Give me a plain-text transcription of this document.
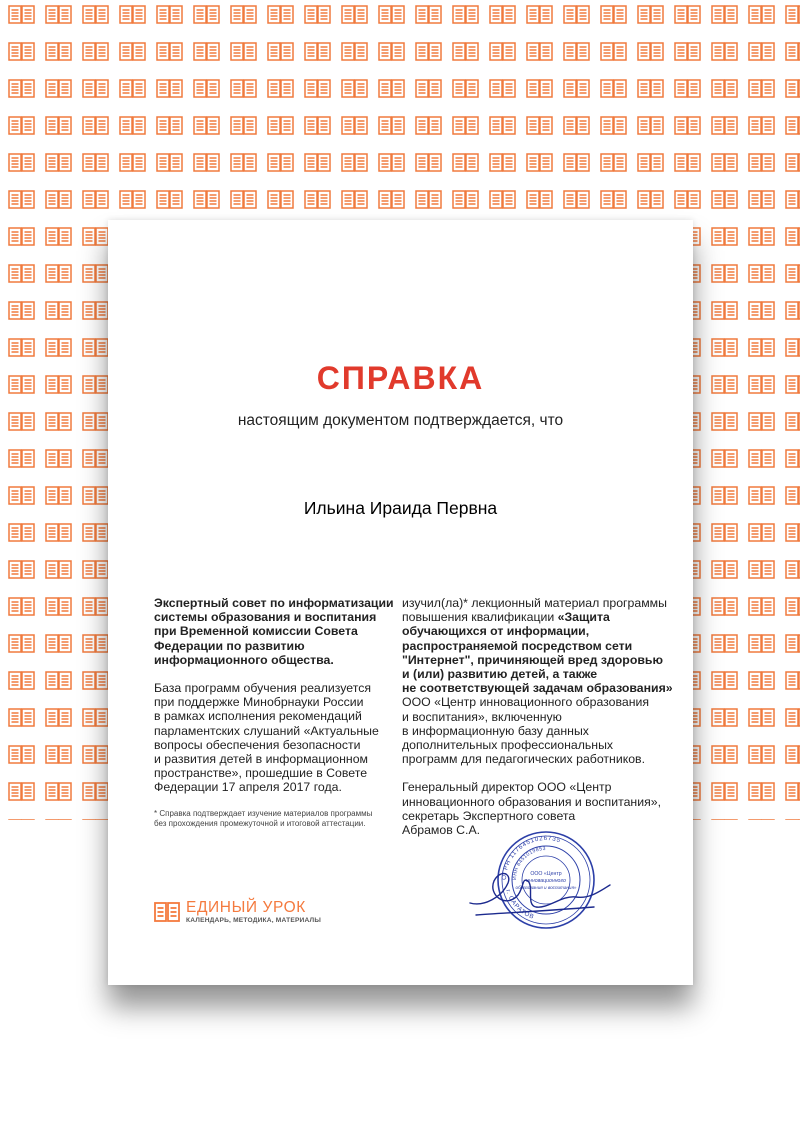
СПРАВКА
настоящим документом подтверждается, что
Ильина Ираида Первна

Экспертный совет по информатизации

системы образования и воспитания

при Временной комиссии Совета

Федерации по развитию

информационного общества.

База программ обучения реализуется

при поддержке Минобрнауки России

в рамках исполнения рекомендаций

парламентских слушаний «Актуальные

вопросы обеспечения безопасности

и развития детей в информационном

пространстве», прошедшие в Совете

Федерации 17 апреля 2017 года.

* Справка подтверждает изучение материалов программы

без прохождения промежуточной и итоговой аттестации.

изучил(ла)* лекционный материал программы

повышения квалификации «Защита

обучающихся от информации,

распространяемой посредством сети

"Интернет", причиняющей вред здоровью

и (или) развитию детей, а также

не соответствующей задачам образования»

ООО «Центр инновационного образования

и воспитания», включенную

в информационную базу данных

дополнительных профессиональных

программ для педагогических работников.

Генеральный директор ООО «Центр

инновационного образования и воспитания»,

секретарь Экспертного совета

Абрамов С.А.

ОГРН 1176451026735
г. САРАТОВ
ИНН 6451019853
ООО «Центр
инновационного
образования и воспитания»
ЕДИНЫЙ УРОК
КАЛЕНДАРЬ, МЕТОДИКА, МАТЕРИАЛЫ
